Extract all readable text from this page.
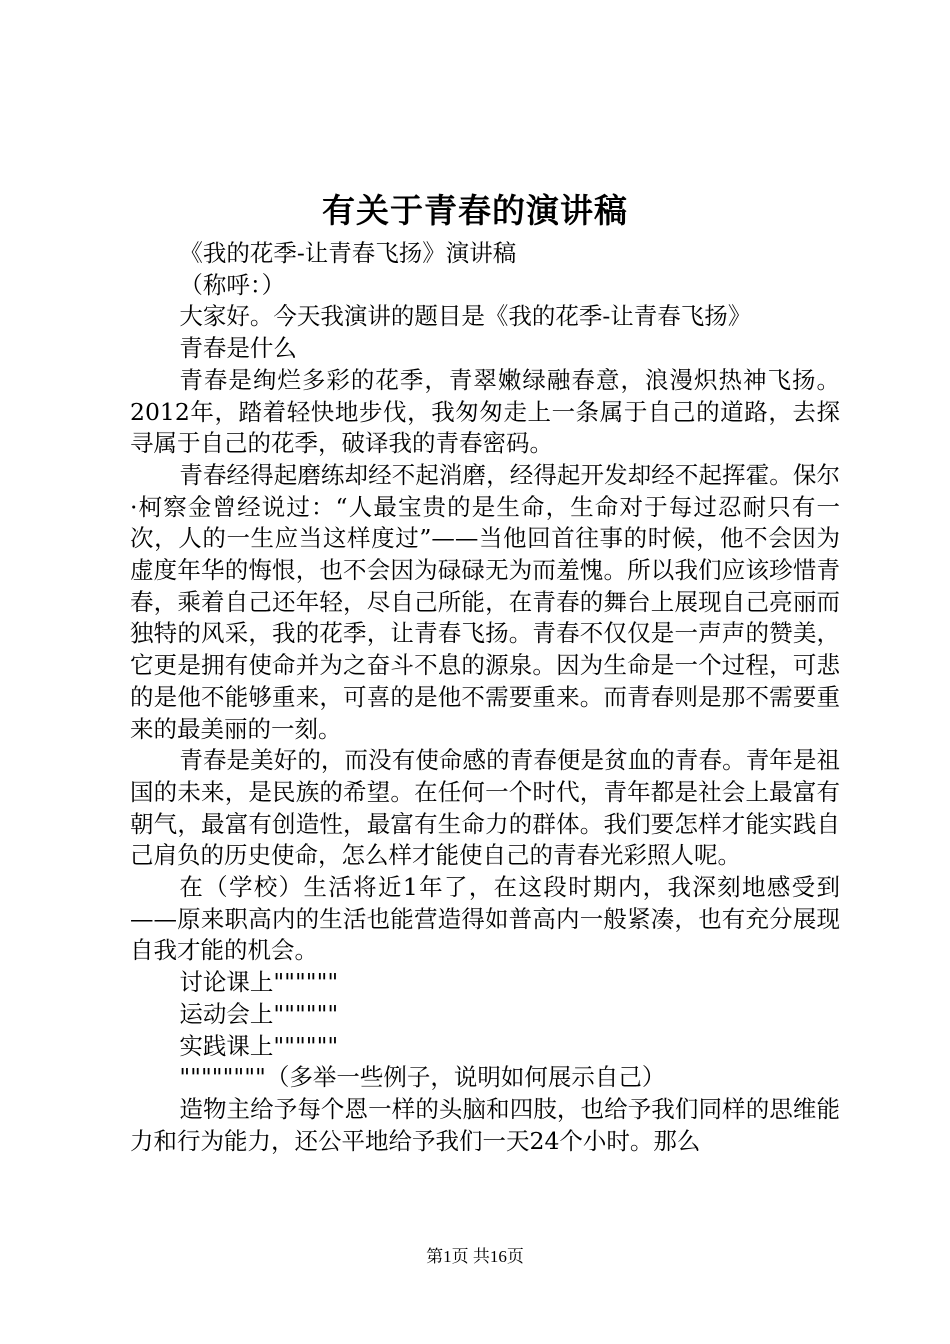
有关于青春的演讲稿

《我的花季-让青春飞扬》演讲稿

（称呼：）

大家好。今天我演讲的题目是《我的花季-让青春飞扬》

青春是什么

青春是绚烂多彩的花季，青翠嫩绿融春意，浪漫炽热神飞扬。2012年，踏着轻快地步伐，我匆匆走上一条属于自己的道路，去探寻属于自己的花季，破译我的青春密码。

青春经得起磨练却经不起消磨，经得起开发却经不起挥霍。保尔·柯察金曾经说过：“人最宝贵的是生命，生命对于每过忍耐只有一次，人的一生应当这样度过”——当他回首往事的时候，他不会因为虚度年华的悔恨，也不会因为碌碌无为而羞愧。所以我们应该珍惜青春，乘着自己还年轻，尽自己所能，在青春的舞台上展现自己亮丽而独特的风采，我的花季，让青春飞扬。青春不仅仅是一声声的赞美，它更是拥有使命并为之奋斗不息的源泉。因为生命是一个过程，可悲的是他不能够重来，可喜的是他不需要重来。而青春则是那不需要重来的最美丽的一刻。

青春是美好的，而没有使命感的青春便是贫血的青春。青年是祖国的未来，是民族的希望。在任何一个时代，青年都是社会上最富有朝气，最富有创造性，最富有生命力的群体。我们要怎样才能实践自己肩负的历史使命，怎么样才能使自己的青春光彩照人呢。

在（学校）生活将近1年了，在这段时期内，我深刻地感受到——原来职高内的生活也能营造得如普高内一般紧凑，也有充分展现自我才能的机会。

讨论课上""""""

运动会上""""""

实践课上""""""

""""""""（多举一些例子，说明如何展示自己）

造物主给予每个恩一样的头脑和四肢，也给予我们同样的思维能力和行为能力，还公平地给予我们一天24个小时。那么

第1页 共16页
